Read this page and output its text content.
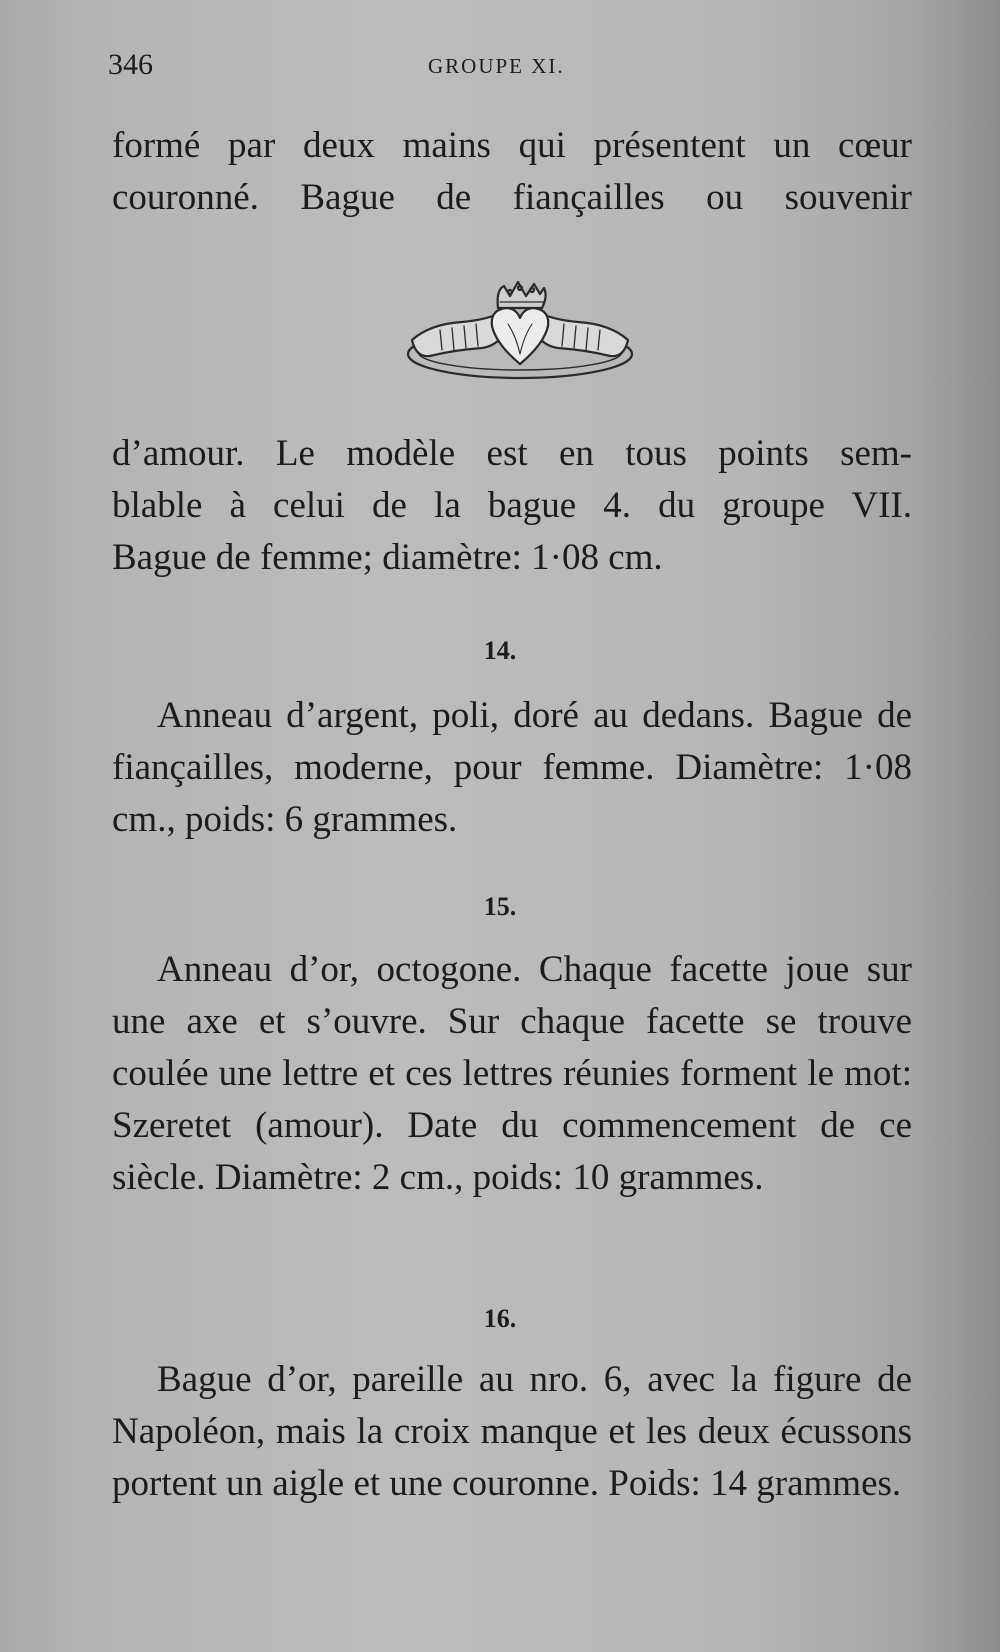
346	GROUPE XI.

formé par deux mains qui présentent un cœur
couronné. Bague de fiançailles ou souvenir

d’amour. Le modèle est en tous points sem-
blable à celui de la bague 4. du groupe VII.
Bague de femme; diamètre: 1·08 cm.

14.

Anneau d’argent, poli, doré au dedans. Bague de fiançailles, moderne, pour femme. Diamètre: 1·08 cm., poids: 6 grammes.

15.

Anneau d’or, octogone. Chaque facette joue sur une axe et s’ouvre. Sur chaque facette se trouve coulée une lettre et ces lettres réunies forment le mot: Szeretet (amour). Date du commencement de ce siècle. Diamètre: 2 cm., poids: 10 grammes.

16.

Bague d’or, pareille au nro. 6, avec la figure de Napoléon, mais la croix manque et les deux écussons portent un aigle et une couronne. Poids: 14 grammes.
